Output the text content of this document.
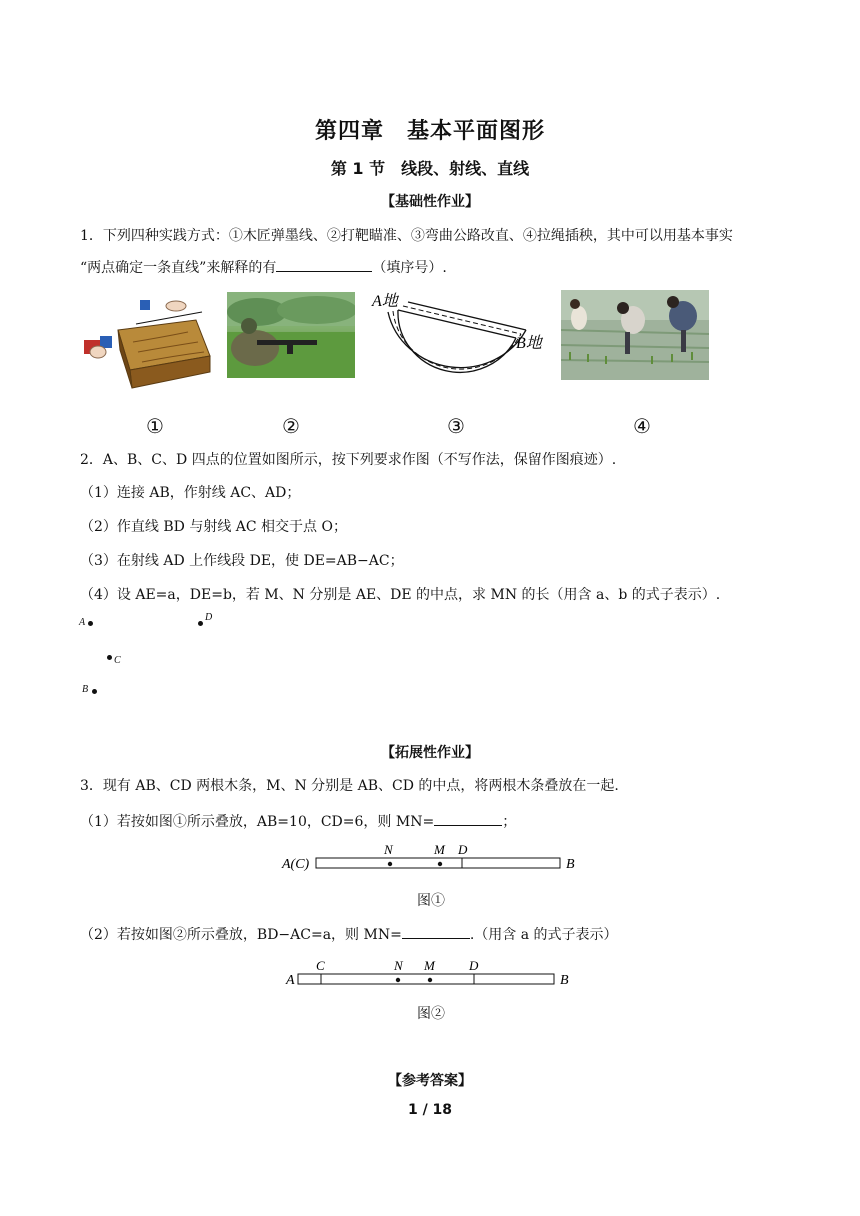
第四章　基本平面图形
第 1 节　线段、射线、直线
【基础性作业】
1．下列四种实践方式：①木匠弹墨线、②打靶瞄准、③弯曲公路改直、④拉绳插秧，其中可以用基本事实
“两点确定一条直线”来解释的有	（填序号）.
①	②
A地
B地
③	④
2．A、B、C、D 四点的位置如图所示，按下列要求作图（不写作法，保留作图痕迹）.
（1）连接 AB，作射线 AC、AD；
（2）作直线 BD 与射线 AC 相交于点 O；
（3）在射线 AD 上作线段 DE，使 DE=AB−AC；
（4）设 AE=a，DE=b，若 M、N 分别是 AE、DE 的中点，求 MN 的长（用含 a、b 的式子表示）.
A	D
C
B
【拓展性作业】
3．现有 AB、CD 两根木条，M、N 分别是 AB、CD 的中点，将两根木条叠放在一起.
（1）若按如图①所示叠放，AB=10，CD=6，则 MN=	；
A(C)
N	M D
B
图①
（2）若按如图②所示叠放，BD−AC=a，则 MN=	.（用含 a 的式子表示）
A
C	N M	D
B
图②
【参考答案】
1 / 18
